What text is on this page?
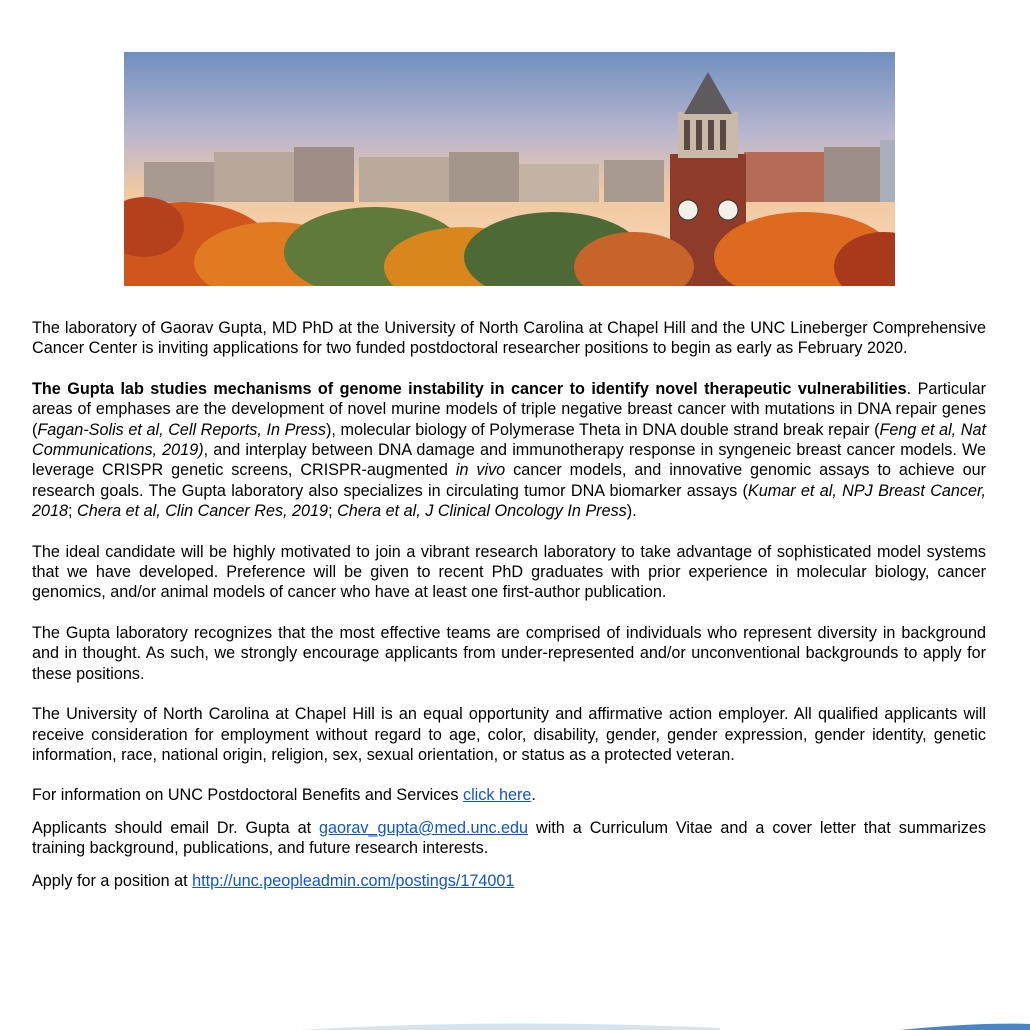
The laboratory of Gaorav Gupta, MD PhD at the University of North Carolina at Chapel Hill and the UNC Lineberger Comprehensive Cancer Center is inviting applications for two funded postdoctoral researcher positions to begin as early as February 2020.

The Gupta lab studies mechanisms of genome instability in cancer to identify novel therapeutic vulnerabilities. Particular areas of emphases are the development of novel murine models of triple negative breast cancer with mutations in DNA repair genes (Fagan-Solis et al, Cell Reports, In Press), molecular biology of Polymerase Theta in DNA double strand break repair (Feng et al, Nat Communications, 2019), and interplay between DNA damage and immunotherapy response in syngeneic breast cancer models. We leverage CRISPR genetic screens, CRISPR-augmented in vivo cancer models, and innovative genomic assays to achieve our research goals. The Gupta laboratory also specializes in circulating tumor DNA biomarker assays (Kumar et al, NPJ Breast Cancer, 2018; Chera et al, Clin Cancer Res, 2019; Chera et al, J Clinical Oncology In Press).

The ideal candidate will be highly motivated to join a vibrant research laboratory to take advantage of sophisticated model systems that we have developed. Preference will be given to recent PhD graduates with prior experience in molecular biology, cancer genomics, and/or animal models of cancer who have at least one first-author publication.

The Gupta laboratory recognizes that the most effective teams are comprised of individuals who represent diversity in background and in thought. As such, we strongly encourage applicants from under-represented and/or unconventional backgrounds to apply for these positions.

The University of North Carolina at Chapel Hill is an equal opportunity and affirmative action employer. All qualified applicants will receive consideration for employment without regard to age, color, disability, gender, gender expression, gender identity, genetic information, race, national origin, religion, sex, sexual orientation, or status as a protected veteran.

For information on UNC Postdoctoral Benefits and Services click here.

Applicants should email Dr. Gupta at gaorav_gupta@med.unc.edu with a Curriculum Vitae and a cover letter that summarizes training background, publications, and future research interests.

Apply for a position at http://unc.peopleadmin.com/postings/174001
